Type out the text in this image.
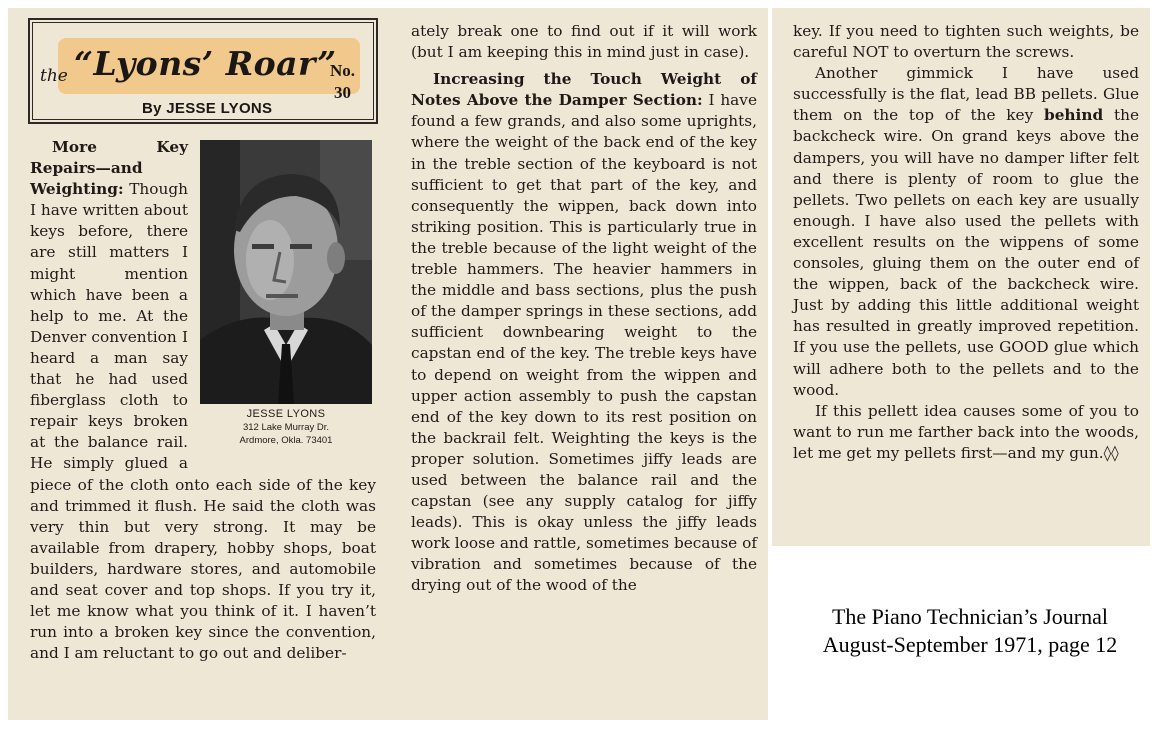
the “Lyons’ Roar”
No.
30
By JESSE LYONS
JESSE LYONS
312 Lake Murray Dr.
Ardmore, Okla. 73401

More Key Repairs—and Weighting: Though I have written about keys before, there are still matters I might mention which have been a help to me. At the Denver convention I heard a man say that he had used fiberglass cloth to repair keys broken at the balance rail. He simply glued a piece of the cloth onto each side of the key and trimmed it flush. He said the cloth was very thin but very strong. It may be available from drapery, hobby shops, boat builders, hardware stores, and automobile and seat cover and top shops. If you try it, let me know what you think of it. I haven’t run into a broken key since the convention, and I am reluctant to go out and deliber-

ately break one to find out if it will work (but I am keeping this in mind just in case).

Increasing the Touch Weight of Notes Above the Damper Section: I have found a few grands, and also some uprights, where the weight of the back end of the key in the treble section of the keyboard is not sufficient to get that part of the key, and consequently the wippen, back down into striking position. This is particularly true in the treble because of the light weight of the treble hammers. The heavier hammers in the middle and bass sections, plus the push of the damper springs in these sections, add sufficient downbearing weight to the capstan end of the key. The treble keys have to depend on weight from the wippen and upper action assembly to push the capstan end of the key down to its rest position on the backrail felt. Weighting the keys is the proper solution. Sometimes jiffy leads are used between the balance rail and the capstan (see any supply catalog for jiffy leads). This is okay unless the jiffy leads work loose and rattle, sometimes because of vibration and sometimes because of the drying out of the wood of the

key. If you need to tighten such weights, be careful NOT to overturn the screws.

Another gimmick I have used successfully is the flat, lead BB pellets. Glue them on the top of the key behind the backcheck wire. On grand keys above the dampers, you will have no damper lifter felt and there is plenty of room to glue the pellets. Two pellets on each key are usually enough. I have also used the pellets with excellent results on the wippens of some consoles, gluing them on the outer end of the wippen, back of the backcheck wire. Just by adding this little additional weight has resulted in greatly improved repetition. If you use the pellets, use GOOD glue which will adhere both to the pellets and to the wood.

If this pellett idea causes some of you to want to run me farther back into the woods, let me get my pellets first—and my gun.◊◊

The Piano Technician’s Journal
August-September 1971, page 12
